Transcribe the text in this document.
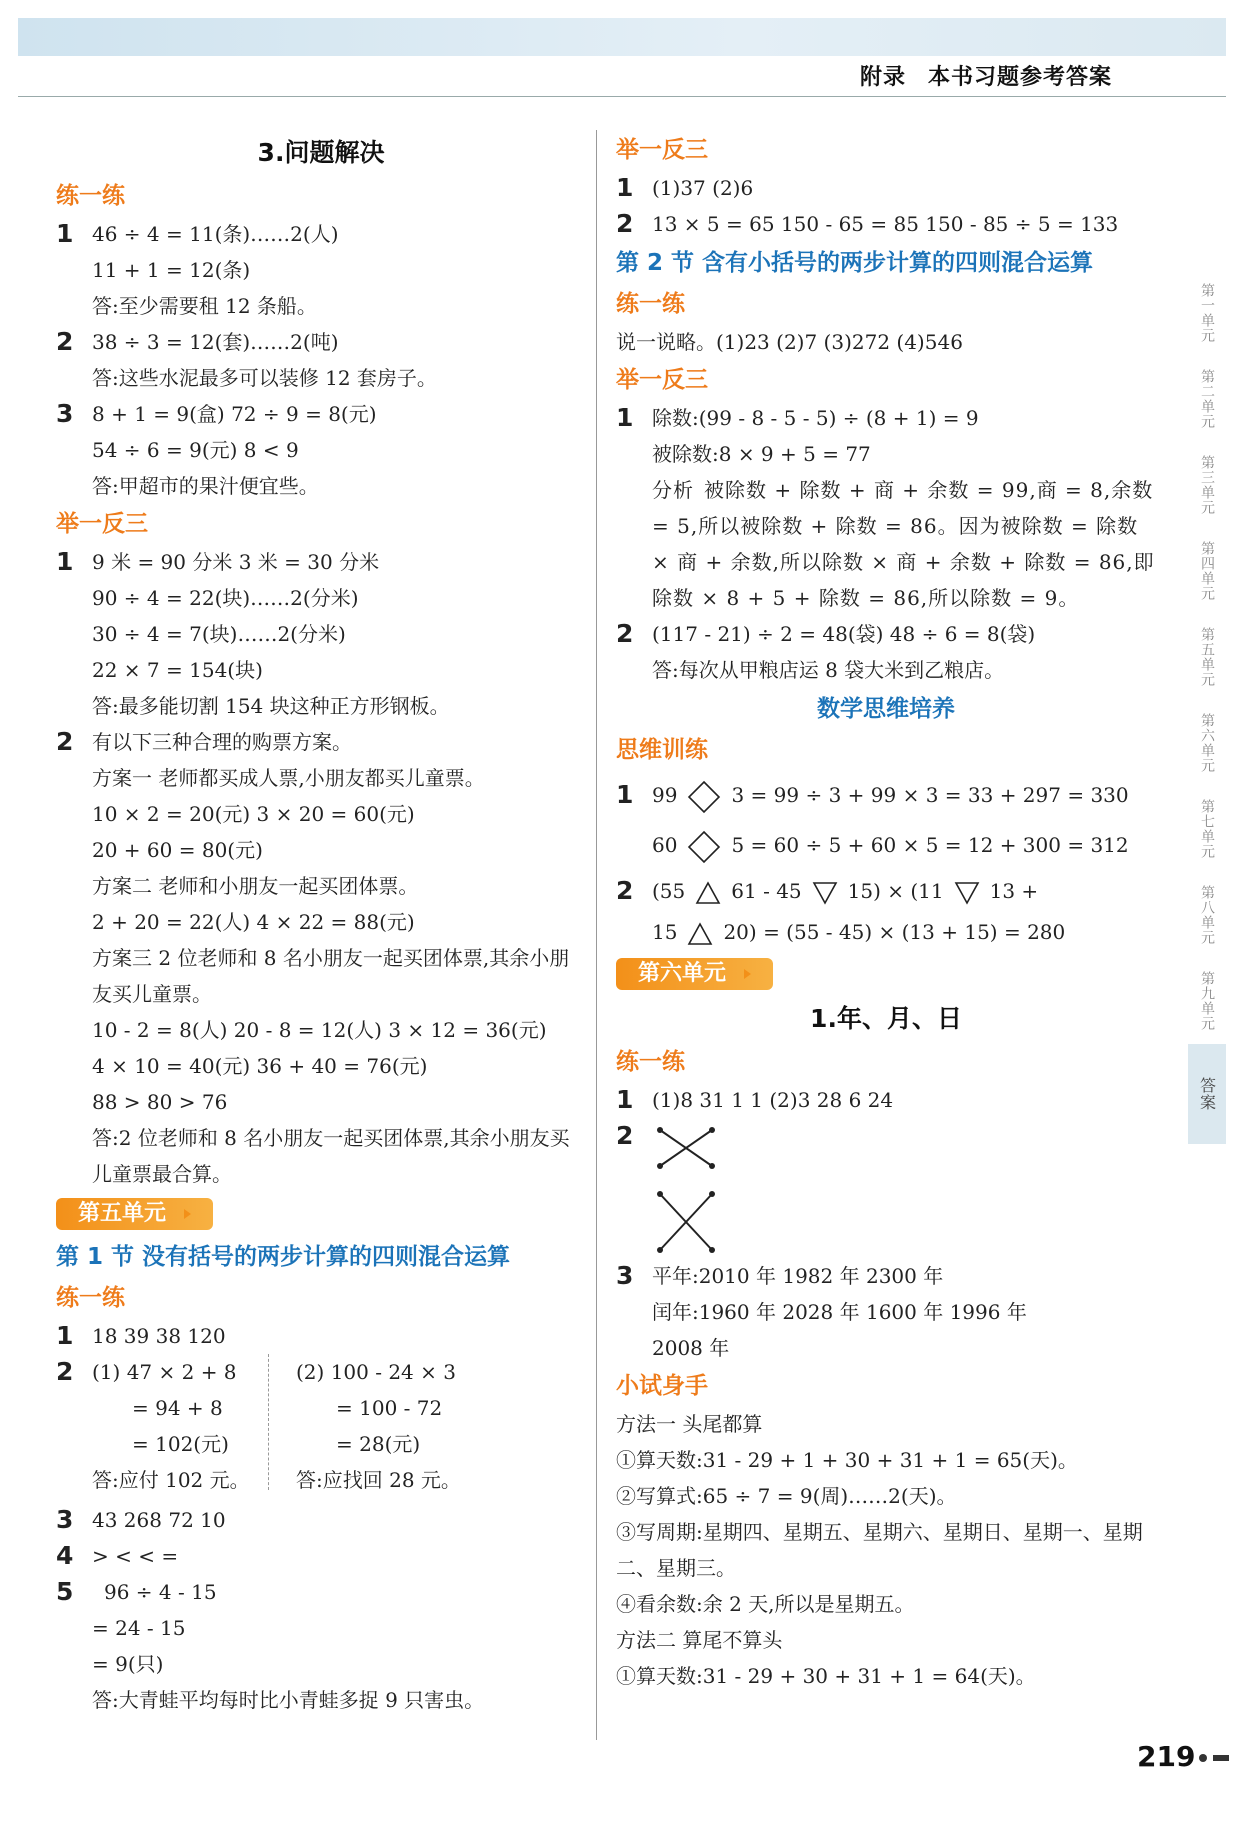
附录 本书习题参考答案
3.问题解决
练一练
1 46 ÷ 4 = 11(条)……2(人)
11 + 1 = 12(条)
答:至少需要租 12 条船。
2 38 ÷ 3 = 12(套)……2(吨)
答:这些水泥最多可以装修 12 套房子。
3 8 + 1 = 9(盒) 72 ÷ 9 = 8(元)
54 ÷ 6 = 9(元) 8 < 9
答:甲超市的果汁便宜些。
举一反三
1 9 米 = 90 分米 3 米 = 30 分米
90 ÷ 4 = 22(块)……2(分米)
30 ÷ 4 = 7(块)……2(分米)
22 × 7 = 154(块)
答:最多能切割 154 块这种正方形钢板。
2 有以下三种合理的购票方案。
方案一 老师都买成人票,小朋友都买儿童票。
10 × 2 = 20(元) 3 × 20 = 60(元)
20 + 60 = 80(元)
方案二 老师和小朋友一起买团体票。
2 + 20 = 22(人) 4 × 22 = 88(元)
方案三 2 位老师和 8 名小朋友一起买团体票,其余小朋友买儿童票。
10 - 2 = 8(人) 20 - 8 = 12(人) 3 × 12 = 36(元)
4 × 10 = 40(元) 36 + 40 = 76(元)
88 > 80 > 76
答:2 位老师和 8 名小朋友一起买团体票,其余小朋友买儿童票最合算。
第五单元
第 1 节 没有括号的两步计算的四则混合运算
练一练
1 18 39 38 120
2 (1) 47 × 2 + 8
= 94 + 8
= 102(元)
答:应付 102 元。
(2) 100 - 24 × 3
= 100 - 72
= 28(元)
答:应找回 28 元。
3 43 268 72 10
4 > < < =
5 96 ÷ 4 - 15
= 24 - 15
= 9(只)
答:大青蛙平均每时比小青蛙多捉 9 只害虫。
举一反三
1 (1)37 (2)6
2 13 × 5 = 65 150 - 65 = 85 150 - 85 ÷ 5 = 133
第 2 节 含有小括号的两步计算的四则混合运算
练一练
说一说略。(1)23 (2)7 (3)272 (4)546
举一反三
1 除数:(99 - 8 - 5 - 5) ÷ (8 + 1) = 9
被除数:8 × 9 + 5 = 77
分析 被除数 + 除数 + 商 + 余数 = 99,商 = 8,余数 = 5,所以被除数 + 除数 = 86。因为被除数 = 除数 × 商 + 余数,所以除数 × 商 + 余数 + 除数 = 86,即除数 × 8 + 5 + 除数 = 86,所以除数 = 9。
2 (117 - 21) ÷ 2 = 48(袋) 48 ÷ 6 = 8(袋)
答:每次从甲粮店运 8 袋大米到乙粮店。
数学思维培养
思维训练
1 99	3 = 99 ÷ 3 + 99 × 3 = 33 + 297 = 330
60	5 = 60 ÷ 5 + 60 × 5 = 12 + 300 = 312
2 (55 61 - 45 15) × (11 13 +
15 20) = (55 - 45) × (13 + 15) = 280
第六单元
1.年、月、日
练一练
1 (1)8 31 1 1 (2)3 28 6 24
2
3 平年:2010 年 1982 年 2300 年
闰年:1960 年 2028 年 1600 年 1996 年
2008 年
小试身手
方法一 头尾都算
①算天数:31 - 29 + 1 + 30 + 31 + 1 = 65(天)。
②写算式:65 ÷ 7 = 9(周)……2(天)。
③写周期:星期四、星期五、星期六、星期日、星期一、星期二、星期三。
④看余数:余 2 天,所以是星期五。
方法二 算尾不算头
①算天数:31 - 29 + 30 + 31 + 1 = 64(天)。
第一单元
第二单元
第三单元
第四单元
第五单元
第六单元
第七单元
第八单元
第九单元
答案
219
